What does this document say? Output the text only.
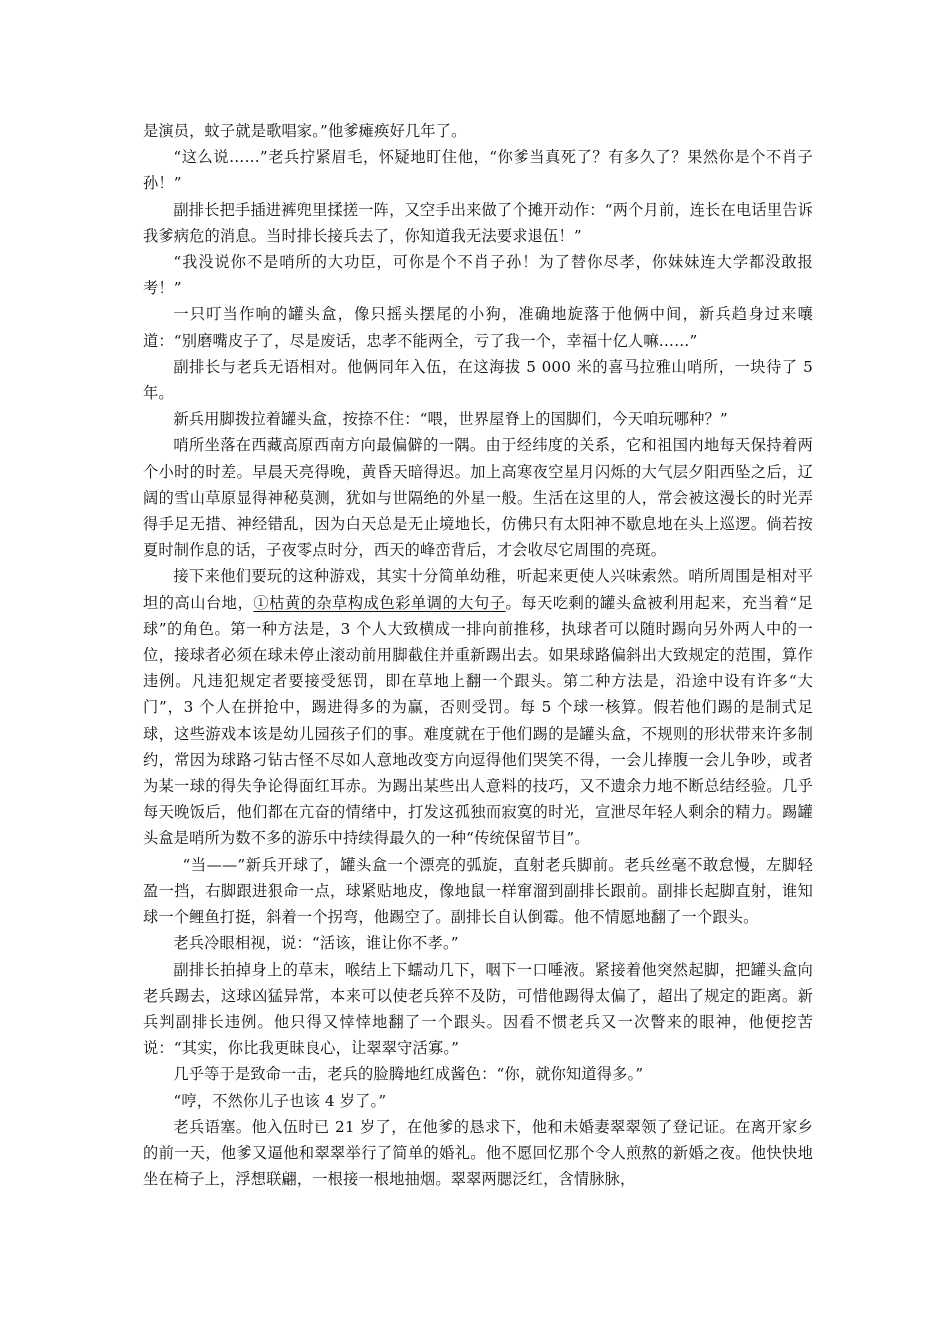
是演员，蚊子就是歌唱家。”他爹瘫痪好几年了。

“这么说……”老兵拧紧眉毛，怀疑地盯住他，“你爹当真死了？有多久了？果然你是个不肖子孙！”

副排长把手插进裤兜里揉搓一阵，又空手出来做了个摊开动作：“两个月前，连长在电话里告诉我爹病危的消息。当时排长接兵去了，你知道我无法要求退伍！”

“我没说你不是哨所的大功臣，可你是个不肖子孙！为了替你尽孝，你妹妹连大学都没敢报考！”

一只叮当作响的罐头盒，像只摇头摆尾的小狗，准确地旋落于他俩中间，新兵趋身过来嚷道：“别磨嘴皮子了，尽是废话，忠孝不能两全，亏了我一个，幸福十亿人嘛……”

副排长与老兵无语相对。他俩同年入伍，在这海拔 5 000 米的喜马拉雅山哨所，一块待了 5 年。

新兵用脚拨拉着罐头盒，按捺不住：“喂，世界屋脊上的国脚们，今天咱玩哪种？”

哨所坐落在西藏高原西南方向最偏僻的一隅。由于经纬度的关系，它和祖国内地每天保持着两个小时的时差。早晨天亮得晚，黄昏天暗得迟。加上高寒夜空星月闪烁的大气层夕阳西坠之后，辽阔的雪山草原显得神秘莫测，犹如与世隔绝的外星一般。生活在这里的人，常会被这漫长的时光弄得手足无措、神经错乱，因为白天总是无止境地长，仿佛只有太阳神不歇息地在头上巡逻。倘若按夏时制作息的话，子夜零点时分，西天的峰峦背后，才会收尽它周围的亮斑。

接下来他们要玩的这种游戏，其实十分简单幼稚，听起来更使人兴味索然。哨所周围是相对平坦的高山台地，①枯黄的杂草构成色彩单调的大句子。每天吃剩的罐头盒被利用起来，充当着“足球”的角色。第一种方法是，3 个人大致横成一排向前推移，执球者可以随时踢向另外两人中的一位，接球者必须在球未停止滚动前用脚截住并重新踢出去。如果球路偏斜出大致规定的范围，算作违例。凡违犯规定者要接受惩罚，即在草地上翻一个跟头。第二种方法是，沿途中设有许多“大门”，3 个人在拼抢中，踢进得多的为赢，否则受罚。每 5 个球一核算。假若他们踢的是制式足球，这些游戏本该是幼儿园孩子们的事。难度就在于他们踢的是罐头盒，不规则的形状带来许多制约，常因为球路刁钻古怪不尽如人意地改变方向逗得他们哭笑不得，一会儿捧腹一会儿争吵，或者为某一球的得失争论得面红耳赤。为踢出某些出人意料的技巧，又不遗余力地不断总结经验。几乎每天晚饭后，他们都在亢奋的情绪中，打发这孤独而寂寞的时光，宣泄尽年轻人剩余的精力。踢罐头盒是哨所为数不多的游乐中持续得最久的一种“传统保留节目”。

“当——”新兵开球了，罐头盒一个漂亮的弧旋，直射老兵脚前。老兵丝毫不敢怠慢，左脚轻盈一挡，右脚跟进狠命一点，球紧贴地皮，像地鼠一样窜溜到副排长跟前。副排长起脚直射，谁知球一个鲤鱼打挺，斜着一个拐弯，他踢空了。副排长自认倒霉。他不情愿地翻了一个跟头。

老兵冷眼相视，说：“活该，谁让你不孝。”

副排长拍掉身上的草末，喉结上下蠕动几下，咽下一口唾液。紧接着他突然起脚，把罐头盒向老兵踢去，这球凶猛异常，本来可以使老兵猝不及防，可惜他踢得太偏了，超出了规定的距离。新兵判副排长违例。他只得又悻悻地翻了一个跟头。因看不惯老兵又一次瞥来的眼神，他便挖苦说：“其实，你比我更昧良心，让翠翠守活寡。”

几乎等于是致命一击，老兵的脸腾地红成酱色：“你，就你知道得多。”

“哼，不然你儿子也该 4 岁了。”

老兵语塞。他入伍时已 21 岁了，在他爹的恳求下，他和未婚妻翠翠领了登记证。在离开家乡的前一天，他爹又逼他和翠翠举行了简单的婚礼。他不愿回忆那个令人煎熬的新婚之夜。他快快地坐在椅子上，浮想联翩，一根接一根地抽烟。翠翠两腮泛红，含情脉脉，
